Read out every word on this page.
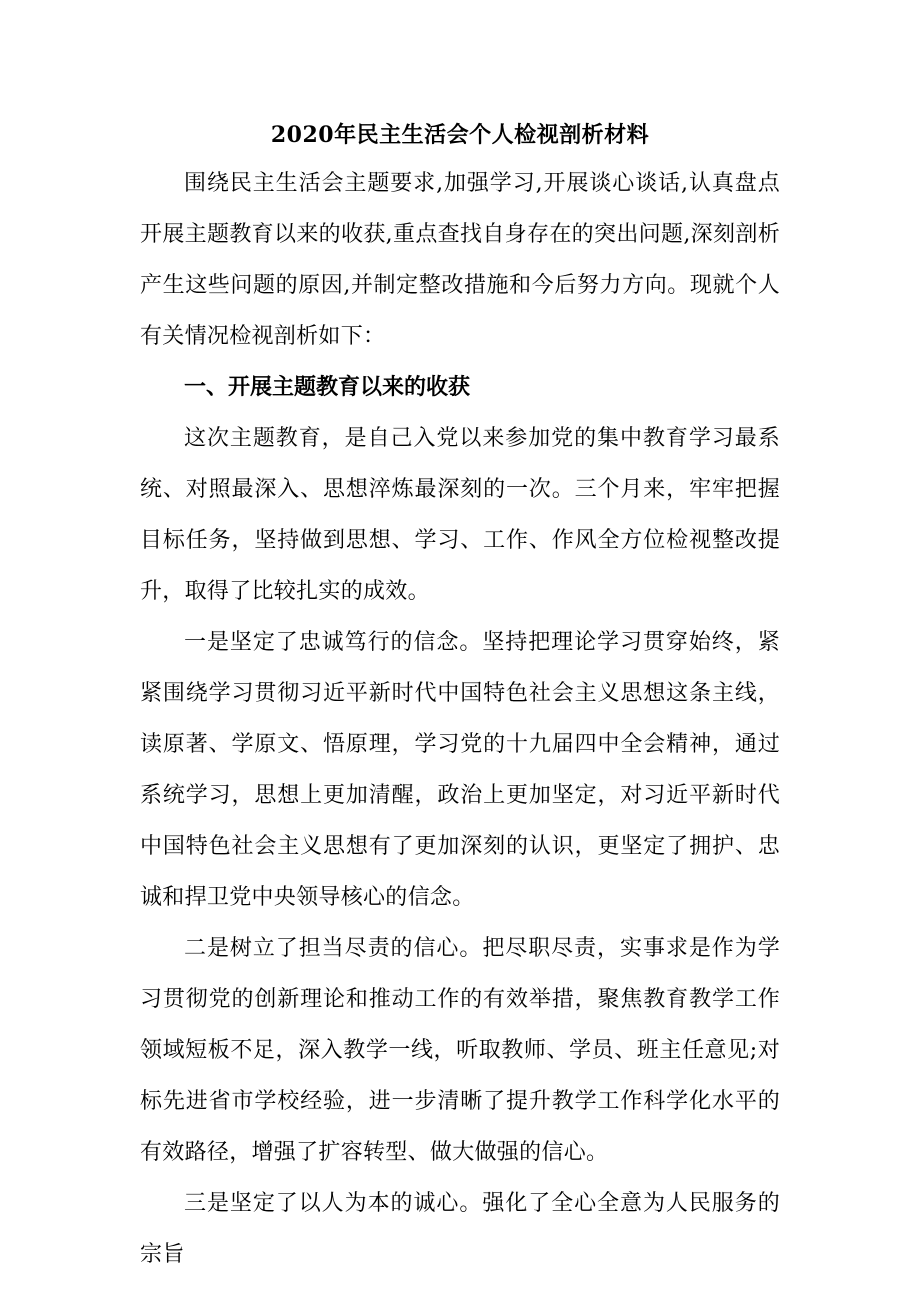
2020年民主生活会个人检视剖析材料

围绕民主生活会主题要求,加强学习,开展谈心谈话,认真盘点开展主题教育以来的收获,重点查找自身存在的突出问题,深刻剖析产生这些问题的原因,并制定整改措施和今后努力方向。现就个人有关情况检视剖析如下：

一、开展主题教育以来的收获

这次主题教育，是自己入党以来参加党的集中教育学习最系统、对照最深入、思想淬炼最深刻的一次。三个月来，牢牢把握目标任务，坚持做到思想、学习、工作、作风全方位检视整改提升，取得了比较扎实的成效。

一是坚定了忠诚笃行的信念。坚持把理论学习贯穿始终，紧紧围绕学习贯彻习近平新时代中国特色社会主义思想这条主线，读原著、学原文、悟原理，学习党的十九届四中全会精神，通过系统学习，思想上更加清醒，政治上更加坚定，对习近平新时代中国特色社会主义思想有了更加深刻的认识，更坚定了拥护、忠诚和捍卫党中央领导核心的信念。

二是树立了担当尽责的信心。把尽职尽责，实事求是作为学习贯彻党的创新理论和推动工作的有效举措，聚焦教育教学工作领域短板不足，深入教学一线，听取教师、学员、班主任意见;对标先进省市学校经验，进一步清晰了提升教学工作科学化水平的有效路径，增强了扩容转型、做大做强的信心。

三是坚定了以人为本的诚心。强化了全心全意为人民服务的宗旨
